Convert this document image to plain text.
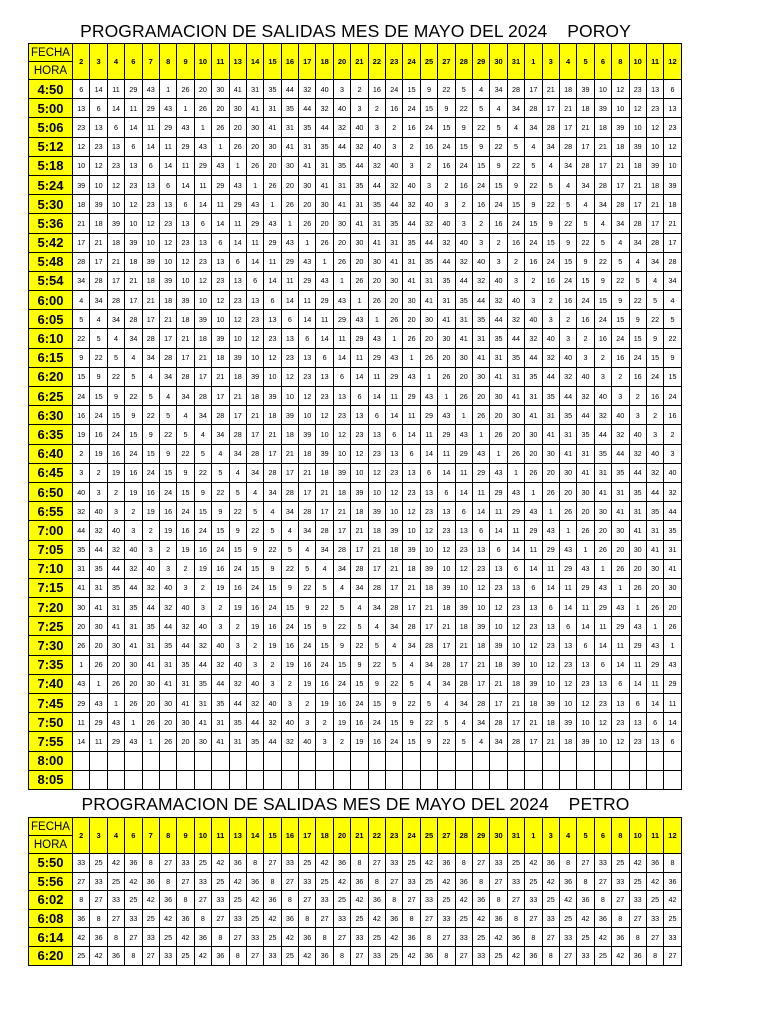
PROGRAMACION DE SALIDAS MES DE MAYO DEL 2024    POROY
FECHA	2	3	4	6	7	8	9	10	11	13	14	15	16	17	18	20	21	22	23	24	25	27	28	29	30	31	1	3	4	5	6	8	10	11	12
HORA																																			
4:50	6	14	11	29	43	1	26	20	30	41	31	35	44	32	40	3	2	16	24	15	9	22	5	4	34	28	17	21	18	39	10	12	23	13	6
5:00	13	6	14	11	29	43	1	26	20	30	41	31	35	44	32	40	3	2	16	24	15	9	22	5	4	34	28	17	21	18	39	10	12	23	13
5:06	23	13	6	14	11	29	43	1	26	20	30	41	31	35	44	32	40	3	2	16	24	15	9	22	5	4	34	28	17	21	18	39	10	12	23
5:12	12	23	13	6	14	11	29	43	1	26	20	30	41	31	35	44	32	40	3	2	16	24	15	9	22	5	4	34	28	17	21	18	39	10	12
5:18	10	12	23	13	6	14	11	29	43	1	26	20	30	41	31	35	44	32	40	3	2	16	24	15	9	22	5	4	34	28	17	21	18	39	10
5:24	39	10	12	23	13	6	14	11	29	43	1	26	20	30	41	31	35	44	32	40	3	2	16	24	15	9	22	5	4	34	28	17	21	18	39
5:30	18	39	10	12	23	13	6	14	11	29	43	1	26	20	30	41	31	35	44	32	40	3	2	16	24	15	9	22	5	4	34	28	17	21	18
5:36	21	18	39	10	12	23	13	6	14	11	29	43	1	26	20	30	41	31	35	44	32	40	3	2	16	24	15	9	22	5	4	34	28	17	21
5:42	17	21	18	39	10	12	23	13	6	14	11	29	43	1	26	20	30	41	31	35	44	32	40	3	2	16	24	15	9	22	5	4	34	28	17
5:48	28	17	21	18	39	10	12	23	13	6	14	11	29	43	1	26	20	30	41	31	35	44	32	40	3	2	16	24	15	9	22	5	4	34	28
5:54	34	28	17	21	18	39	10	12	23	13	6	14	11	29	43	1	26	20	30	41	31	35	44	32	40	3	2	16	24	15	9	22	5	4	34
6:00	4	34	28	17	21	18	39	10	12	23	13	6	14	11	29	43	1	26	20	30	41	31	35	44	32	40	3	2	16	24	15	9	22	5	4
6:05	5	4	34	28	17	21	18	39	10	12	23	13	6	14	11	29	43	1	26	20	30	41	31	35	44	32	40	3	2	16	24	15	9	22	5
6:10	22	5	4	34	28	17	21	18	39	10	12	23	13	6	14	11	29	43	1	26	20	30	41	31	35	44	32	40	3	2	16	24	15	9	22
6:15	9	22	5	4	34	28	17	21	18	39	10	12	23	13	6	14	11	29	43	1	26	20	30	41	31	35	44	32	40	3	2	16	24	15	9
6:20	15	9	22	5	4	34	28	17	21	18	39	10	12	23	13	6	14	11	29	43	1	26	20	30	41	31	35	44	32	40	3	2	16	24	15
6:25	24	15	9	22	5	4	34	28	17	21	18	39	10	12	23	13	6	14	11	29	43	1	26	20	30	41	31	35	44	32	40	3	2	16	24
6:30	16	24	15	9	22	5	4	34	28	17	21	18	39	10	12	23	13	6	14	11	29	43	1	26	20	30	41	31	35	44	32	40	3	2	16
6:35	19	16	24	15	9	22	5	4	34	28	17	21	18	39	10	12	23	13	6	14	11	29	43	1	26	20	30	41	31	35	44	32	40	3	2
6:40	2	19	16	24	15	9	22	5	4	34	28	17	21	18	39	10	12	23	13	6	14	11	29	43	1	26	20	30	41	31	35	44	32	40	3
6:45	3	2	19	16	24	15	9	22	5	4	34	28	17	21	18	39	10	12	23	13	6	14	11	29	43	1	26	20	30	41	31	35	44	32	40
6:50	40	3	2	19	16	24	15	9	22	5	4	34	28	17	21	18	39	10	12	23	13	6	14	11	29	43	1	26	20	30	41	31	35	44	32
6:55	32	40	3	2	19	16	24	15	9	22	5	4	34	28	17	21	18	39	10	12	23	13	6	14	11	29	43	1	26	20	30	41	31	35	44
7:00	44	32	40	3	2	19	16	24	15	9	22	5	4	34	28	17	21	18	39	10	12	23	13	6	14	11	29	43	1	26	20	30	41	31	35
7:05	35	44	32	40	3	2	19	16	24	15	9	22	5	4	34	28	17	21	18	39	10	12	23	13	6	14	11	29	43	1	26	20	30	41	31
7:10	31	35	44	32	40	3	2	19	16	24	15	9	22	5	4	34	28	17	21	18	39	10	12	23	13	6	14	11	29	43	1	26	20	30	41
7:15	41	31	35	44	32	40	3	2	19	16	24	15	9	22	5	4	34	28	17	21	18	39	10	12	23	13	6	14	11	29	43	1	26	20	30
7:20	30	41	31	35	44	32	40	3	2	19	16	24	15	9	22	5	4	34	28	17	21	18	39	10	12	23	13	6	14	11	29	43	1	26	20
7:25	20	30	41	31	35	44	32	40	3	2	19	16	24	15	9	22	5	4	34	28	17	21	18	39	10	12	23	13	6	14	11	29	43	1	26
7:30	26	20	30	41	31	35	44	32	40	3	2	19	16	24	15	9	22	5	4	34	28	17	21	18	39	10	12	23	13	6	14	11	29	43	1
7:35	1	26	20	30	41	31	35	44	32	40	3	2	19	16	24	15	9	22	5	4	34	28	17	21	18	39	10	12	23	13	6	14	11	29	43
7:40	43	1	26	20	30	41	31	35	44	32	40	3	2	19	16	24	15	9	22	5	4	34	28	17	21	18	39	10	12	23	13	6	14	11	29
7:45	29	43	1	26	20	30	41	31	35	44	32	40	3	2	19	16	24	15	9	22	5	4	34	28	17	21	18	39	10	12	23	13	6	14	11
7:50	11	29	43	1	26	20	30	41	31	35	44	32	40	3	2	19	16	24	15	9	22	5	4	34	28	17	21	18	39	10	12	23	13	6	14
7:55	14	11	29	43	1	26	20	30	41	31	35	44	32	40	3	2	19	16	24	15	9	22	5	4	34	28	17	21	18	39	10	12	23	13	6
8:00																																			
8:05																																			
PROGRAMACION DE SALIDAS MES DE MAYO DEL 2024    PETRO
FECHA	2	3	4	6	7	8	9	10	11	13	14	15	16	17	18	20	21	22	23	24	25	27	28	29	30	31	1	3	4	5	6	8	10	11	12
HORA																																			
5:50	33	25	42	36	8	27	33	25	42	36	8	27	33	25	42	36	8	27	33	25	42	36	8	27	33	25	42	36	8	27	33	25	42	36	8
5:56	27	33	25	42	36	8	27	33	25	42	36	8	27	33	25	42	36	8	27	33	25	42	36	8	27	33	25	42	36	8	27	33	25	42	36
6:02	8	27	33	25	42	36	8	27	33	25	42	36	8	27	33	25	42	36	8	27	33	25	42	36	8	27	33	25	42	36	8	27	33	25	42
6:08	36	8	27	33	25	42	36	8	27	33	25	42	36	8	27	33	25	42	36	8	27	33	25	42	36	8	27	33	25	42	36	8	27	33	25
6:14	42	36	8	27	33	25	42	36	8	27	33	25	42	36	8	27	33	25	42	36	8	27	33	25	42	36	8	27	33	25	42	36	8	27	33
6:20	25	42	36	8	27	33	25	42	36	8	27	33	25	42	36	8	27	33	25	42	36	8	27	33	25	42	36	8	27	33	25	42	36	8	27
